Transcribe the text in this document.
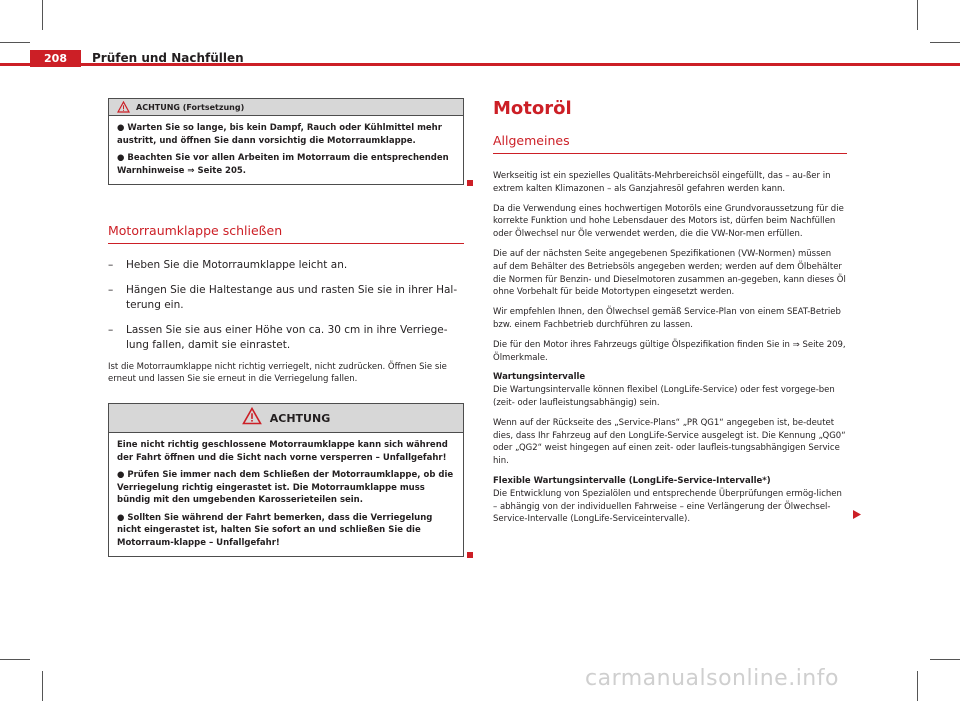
208	Prüfen und Nachfüllen
ACHTUNG (Fortsetzung)

● Warten Sie so lange, bis kein Dampf, Rauch oder Kühlmittel mehr austritt, und öffnen Sie dann vorsichtig die Motorraumklappe.

● Beachten Sie vor allen Arbeiten im Motorraum die entsprechenden Warnhinweise ⇒ Seite 205.

Motorraumklappe schließen
–	Heben Sie die Motorraumklappe leicht an.
–	Hängen Sie die Haltestange aus und rasten Sie sie in ihrer Hal-terung ein.
–	Lassen Sie sie aus einer Höhe von ca. 30 cm in ihre Verriege-lung fallen, damit sie einrastet.
Ist die Motorraumklappe nicht richtig verriegelt, nicht zudrücken. Öffnen Sie sie erneut und lassen Sie sie erneut in die Verriegelung fallen.
ACHTUNG

Eine nicht richtig geschlossene Motorraumklappe kann sich während der Fahrt öffnen und die Sicht nach vorne versperren – Unfallgefahr!

● Prüfen Sie immer nach dem Schließen der Motorraumklappe, ob die Verriegelung richtig eingerastet ist. Die Motorraumklappe muss bündig mit den umgebenden Karosserieteilen sein.

● Sollten Sie während der Fahrt bemerken, dass die Verriegelung nicht eingerastet ist, halten Sie sofort an und schließen Sie die Motorraum-klappe – Unfallgefahr!

Motoröl
Allgemeines
Werkseitig ist ein spezielles Qualitäts-Mehrbereichsöl eingefüllt, das – au-ßer in extrem kalten Klimazonen – als Ganzjahresöl gefahren werden kann.
Da die Verwendung eines hochwertigen Motoröls eine Grundvoraussetzung für die korrekte Funktion und hohe Lebensdauer des Motors ist, dürfen beim Nachfüllen oder Ölwechsel nur Öle verwendet werden, die die VW-Nor-men erfüllen.
Die auf der nächsten Seite angegebenen Spezifikationen (VW-Normen) müssen auf dem Behälter des Betriebsöls angegeben werden; werden auf dem Ölbehälter die Normen für Benzin- und Dieselmotoren zusammen an-gegeben, kann dieses Öl ohne Vorbehalt für beide Motortypen eingesetzt werden.
Wir empfehlen Ihnen, den Ölwechsel gemäß Service-Plan von einem SEAT-Betrieb bzw. einem Fachbetrieb durchführen zu lassen.
Die für den Motor ihres Fahrzeugs gültige Ölspezifikation finden Sie in ⇒ Seite 209, Ölmerkmale.
Wartungsintervalle
Die Wartungsintervalle können flexibel (LongLife-Service) oder fest vorgege-ben (zeit- oder laufleistungsabhängig) sein.
Wenn auf der Rückseite des „Service-Plans“ „PR QG1“ angegeben ist, be-deutet dies, dass Ihr Fahrzeug auf den LongLife-Service ausgelegt ist. Die Kennung „QG0“ oder „QG2“ weist hingegen auf einen zeit- oder laufleis-tungsabhängigen Service hin.
Flexible Wartungsintervalle (LongLife-Service-Intervalle*)
Die Entwicklung von Spezialölen und entsprechende Überprüfungen ermög-lichen – abhängig von der individuellen Fahrweise – eine Verlängerung der Ölwechsel-Service-Intervalle (LongLife-Serviceintervalle).
carmanualsonline.info
